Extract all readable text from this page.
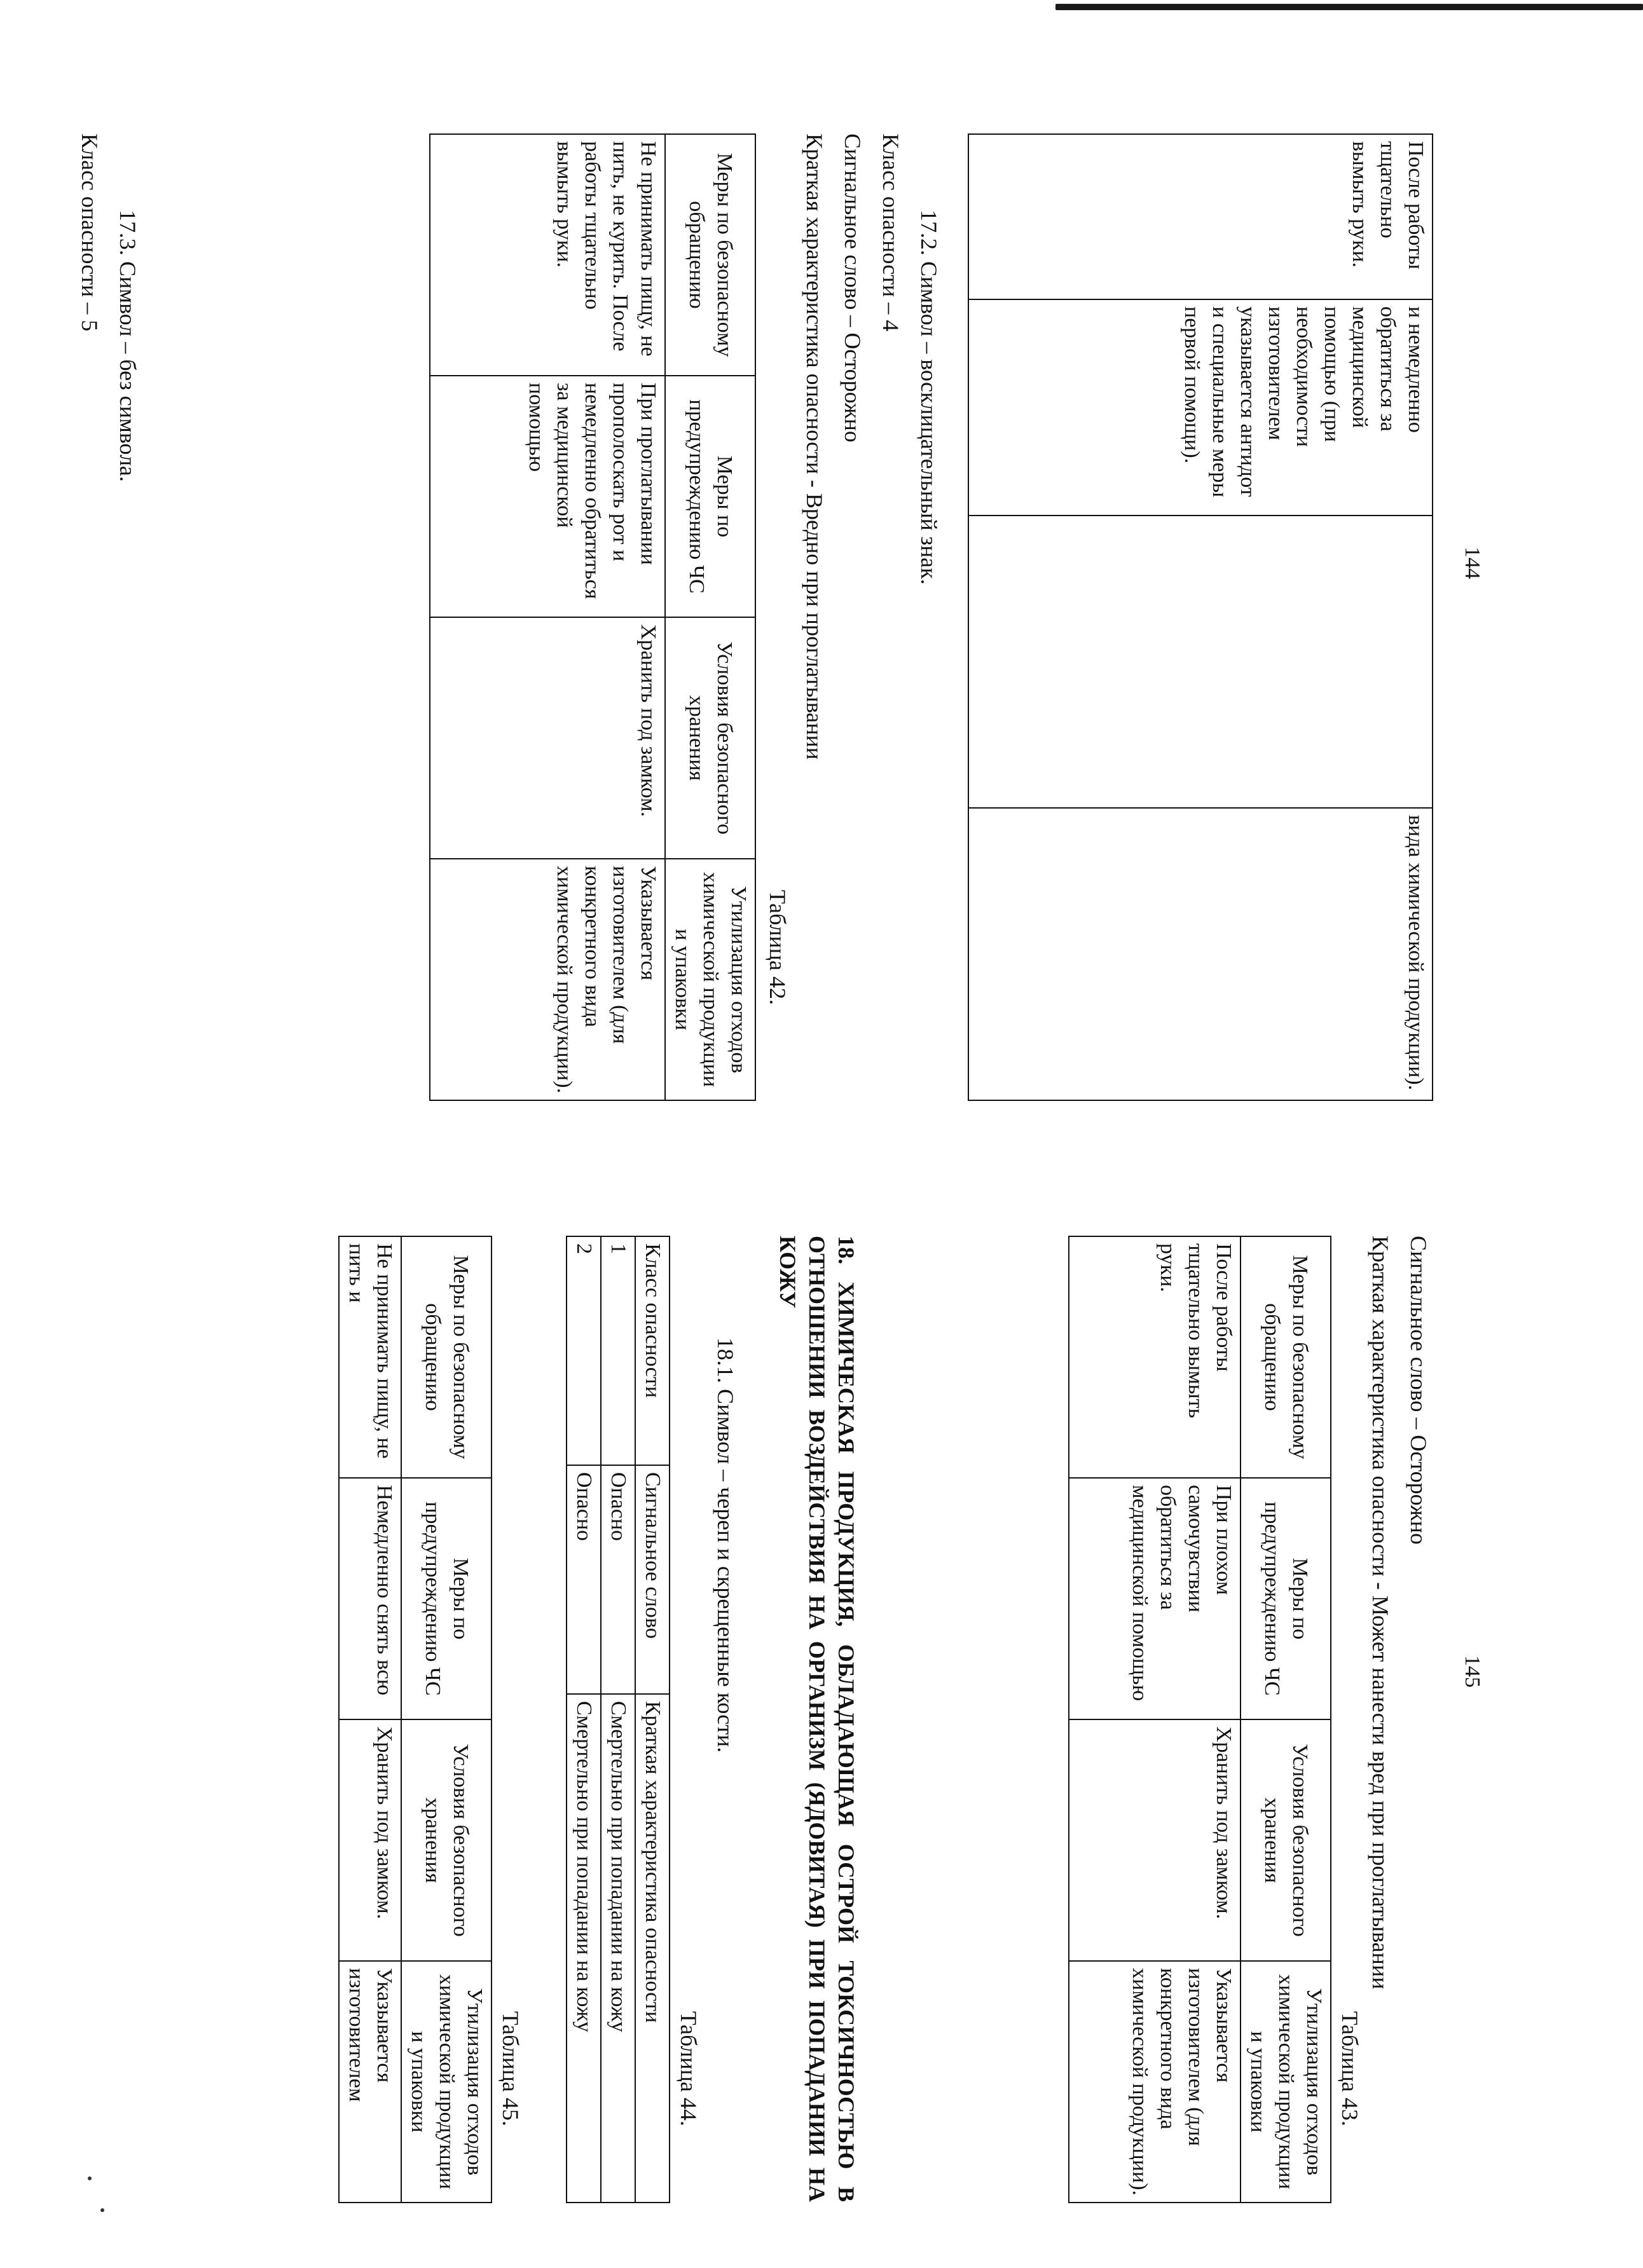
144
После работы тщательно вымыть руки.	и немедленно обратиться за медицинской помощью (при необходимости изготовителем указывается антидот и специальные меры первой помощи).		вида химической продукции).
17.2. Символ – восклицательный знак.
Класс опасности – 4
Сигнальное слово – Осторожно
Краткая характеристика опасности - Вредно при проглатывании
Таблица 42.
Меры по безопасному обращению	Меры по предупреждению ЧС	Условия безопасного хранения	Утилизация отходов химической продукции и упаковки
Не принимать пищу, не пить, не курить. После работы тщательно вымыть руки.	При проглатывании прополоскать рот и немедленно обратиться за медицинской помощью	Хранить под замком.	Указывается изготовителем (для конкретного вида химической продукции).
17.3. Символ – без символа.
Класс опасности – 5
145
Сигнальное слово – Осторожно
Краткая характеристика опасности - Может нанести вред при проглатывании
Таблица 43.
Меры по безопасному обращению	Меры по предупреждению ЧС	Условия безопасного хранения	Утилизация отходов химической продукции и упаковки
После работы тщательно вымыть руки.	При плохом самочувствии обратиться за медицинской помощью	Хранить под замком.	Указывается изготовителем (для конкретного вида химической продукции).
18. ХИМИЧЕСКАЯ ПРОДУКЦИЯ, ОБЛАДАЮЩАЯ ОСТРОЙ ТОКСИЧНОСТЬЮ В ОТНОШЕНИИ ВОЗДЕЙСТВИЯ НА ОРГАНИЗМ (ЯДОВИТАЯ) ПРИ ПОПАДАНИИ НА КОЖУ
18.1. Символ – череп и скрещенные кости.
Таблица 44.
Класс опасности	Сигнальное слово	Краткая характеристика опасности
1	Опасно	Смертельно при попадании на кожу
2	Опасно	Смертельно при попадании на кожу
Таблица 45.
Меры по безопасному обращению	Меры по предупреждению ЧС	Условия безопасного хранения	Утилизация отходов химической продукции и упаковки
Не принимать пищу, не пить и	Немедленно снять всю	Хранить под замком.	Указывается изготовителем
